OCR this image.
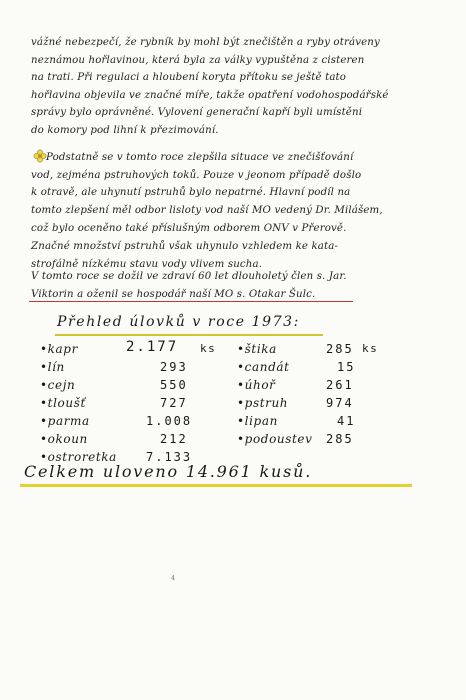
vážné nebezpečí, že rybník by mohl být znečištěn a ryby otráveny
neznámou hořlavinou, která byla za války vypuštěna z cisteren
na trati. Při regulaci a hloubení koryta přítoku se ještě tato
hořlavina objevila ve značné míře, takže opatření vodohospodářské
správy bylo oprávněné. Vylovení generační kapří byli umístěni
do komory pod lihní k přezimování.
Podstatně se v tomto roce zlepšila situace ve znečišťování
vod, zejména pstruhových toků. Pouze v jeonom případě došlo
k otravě, ale uhynutí pstruhů bylo nepatrné. Hlavní podíl na
tomto zlepšení měl odbor lisloty vod naší MO vedený Dr. Milášem,
což bylo oceněno také příslušným odborem ONV v Přerově.
Značné množství pstruhů však uhynulo vzhledem ke kata-
strofálně nízkému stavu vody vlivem sucha.
V tomto roce se dožil ve zdraví 60 let dlouholetý člen s. Jar.
Viktorin a oženil se hospodář naší MO s. Otakar Šulc.
Přehled úlovků v roce 1973:
•kapr	2.177 ks
•lín	293
•cejn	550
•tloušť	727
•parma	1.008
•okoun	212
•ostroretka 7.133
•štika	285 ks
•candát	15
•úhoř	261
•pstruh	974
•lipan	41
•podoustev 285
Celkem uloveno 14.961 kusů.
4
